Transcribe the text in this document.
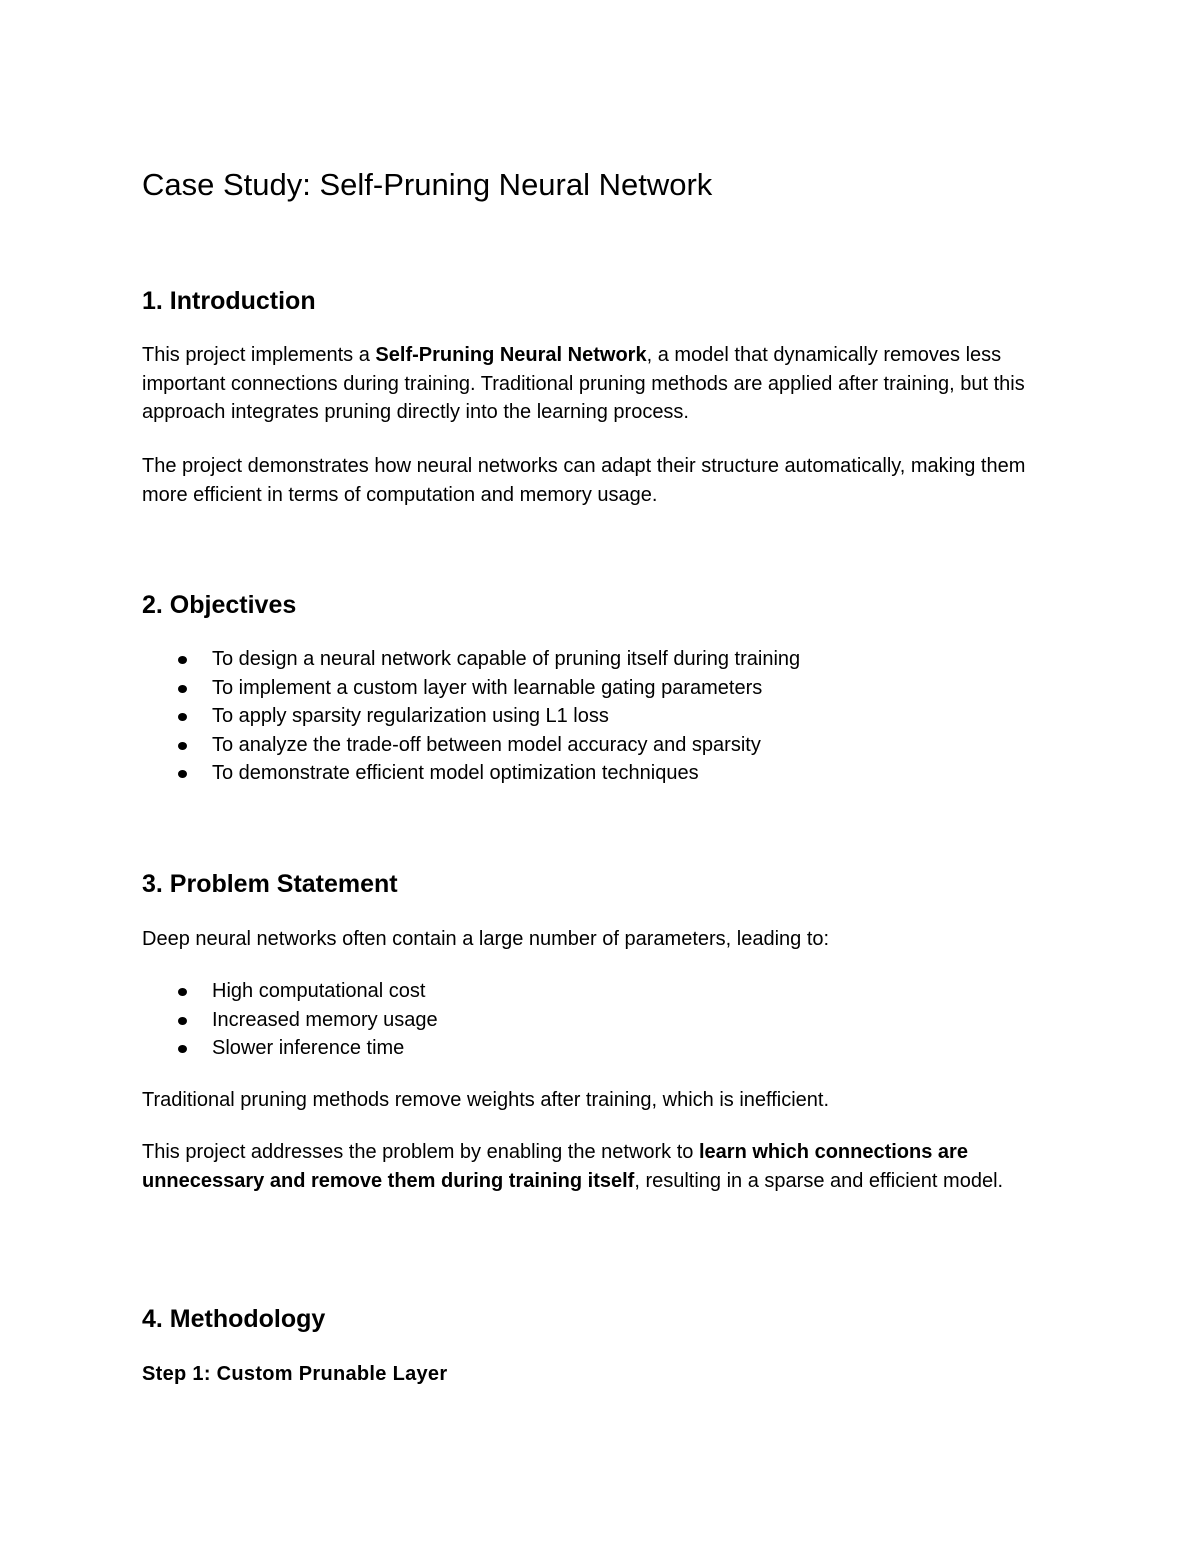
Case Study: Self-Pruning Neural Network
1. Introduction

This project implements a Self-Pruning Neural Network, a model that dynamically removes less important connections during training. Traditional pruning methods are applied after training, but this approach integrates pruning directly into the learning process.

The project demonstrates how neural networks can adapt their structure automatically, making them more efficient in terms of computation and memory usage.

2. Objectives
To design a neural network capable of pruning itself during training
To implement a custom layer with learnable gating parameters
To apply sparsity regularization using L1 loss
To analyze the trade-off between model accuracy and sparsity
To demonstrate efficient model optimization techniques
3. Problem Statement

Deep neural networks often contain a large number of parameters, leading to:

High computational cost
Increased memory usage
Slower inference time

Traditional pruning methods remove weights after training, which is inefficient.

This project addresses the problem by enabling the network to learn which connections are unnecessary and remove them during training itself, resulting in a sparse and efficient model.

4. Methodology
Step 1: Custom Prunable Layer
